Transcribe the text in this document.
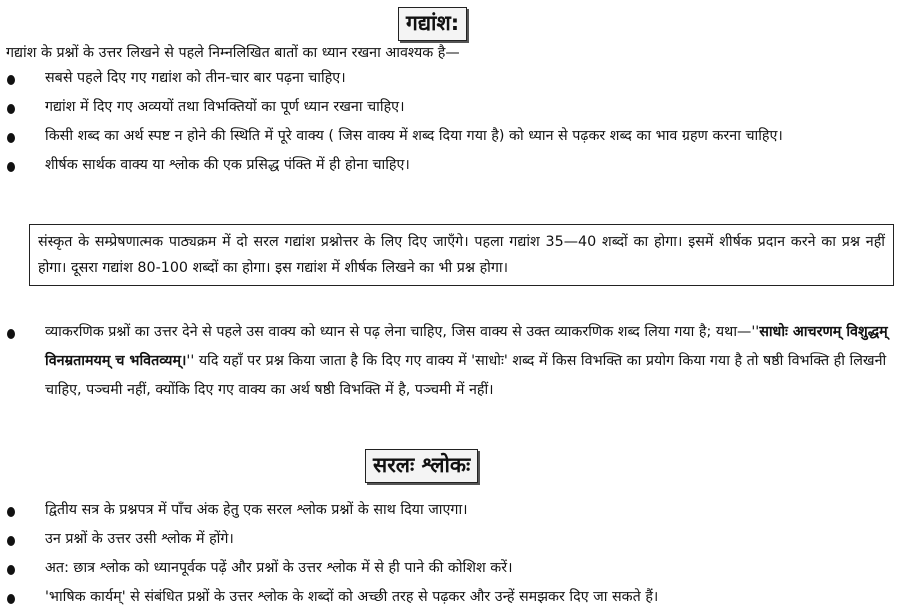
गद्यांश:
गद्यांश के प्रश्नों के उत्तर लिखने से पहले निम्नलिखित बातों का ध्यान रखना आवश्यक है—
सबसे पहले दिए गए गद्यांश को तीन-चार बार पढ़ना चाहिए।
गद्यांश में दिए गए अव्ययों तथा विभक्तियों का पूर्ण ध्यान रखना चाहिए।
किसी शब्द का अर्थ स्पष्ट न होने की स्थिति में पूरे वाक्य ( जिस वाक्य में शब्द दिया गया है) को ध्यान से पढ़कर शब्द का भाव ग्रहण करना चाहिए।
शीर्षक सार्थक वाक्य या श्लोक की एक प्रसिद्ध पंक्ति में ही होना चाहिए।
संस्कृत के सम्प्रेषणात्मक पाठ्यक्रम में दो सरल गद्यांश प्रश्नोत्तर के लिए दिए जाएँगे। पहला गद्यांश 35—40 शब्दों का होगा। इसमें शीर्षक प्रदान करने का प्रश्न नहीं होगा। दूसरा गद्यांश 80-100 शब्दों का होगा। इस गद्यांश में शीर्षक लिखने का भी प्रश्न होगा।
व्याकरणिक प्रश्नों का उत्तर देने से पहले उस वाक्य को ध्यान से पढ़ लेना चाहिए, जिस वाक्य से उक्त व्याकरणिक शब्द लिया गया है; यथा—''साधोः आचरणम् विशुद्धम् विनम्रतामयम् च भवितव्यम्।'' यदि यहाँ पर प्रश्न किया जाता है कि दिए गए वाक्य में 'साधोः' शब्द में किस विभक्ति का प्रयोग किया गया है तो षष्ठी विभक्ति ही लिखनी चाहिए, पञ्चमी नहीं, क्योंकि दिए गए वाक्य का अर्थ षष्ठी विभक्ति में है, पञ्चमी में नहीं।
सरलः श्लोकः
द्वितीय सत्र के प्रश्नपत्र में पाँच अंक हेतु एक सरल श्लोक प्रश्नों के साथ दिया जाएगा।
उन प्रश्नों के उत्तर उसी श्लोक में होंगे।
अत: छात्र श्लोक को ध्यानपूर्वक पढ़ें और प्रश्नों के उत्तर श्लोक में से ही पाने की कोशिश करें।
'भाषिक कार्यम्' से संबंधित प्रश्नों के उत्तर श्लोक के शब्दों को अच्छी तरह से पढ़कर और उन्हें समझकर दिए जा सकते हैं।
